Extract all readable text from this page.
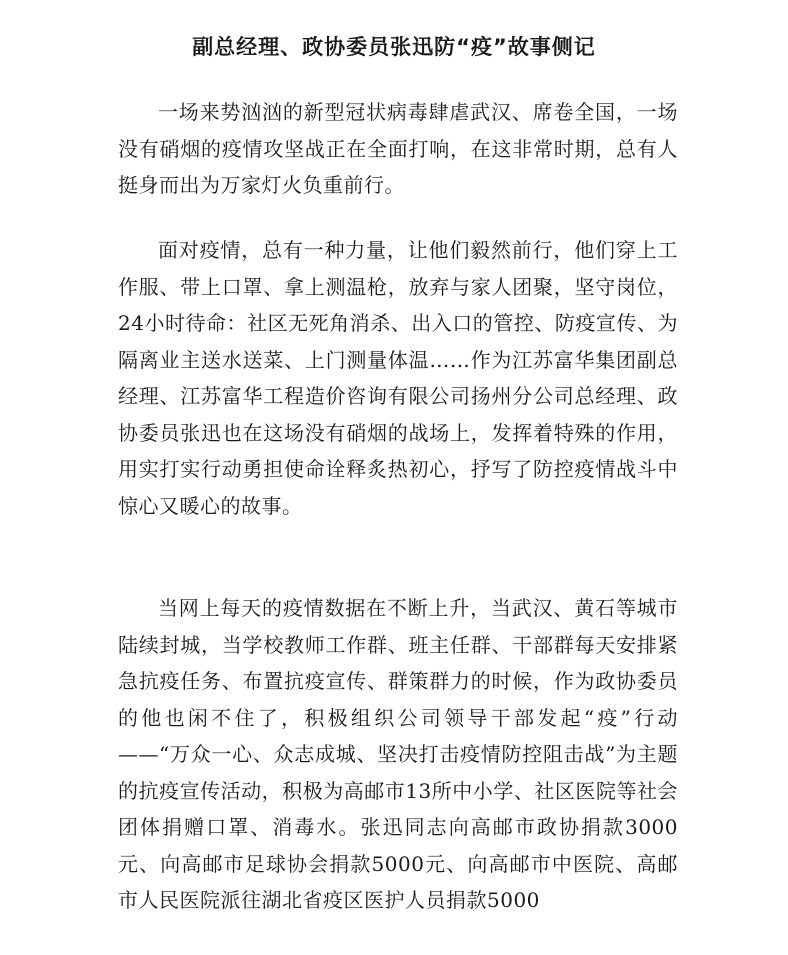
副总经理、政协委员张迅防“疫”故事侧记

一场来势汹汹的新型冠状病毒肆虐武汉、席卷全国，一场没有硝烟的疫情攻坚战正在全面打响，在这非常时期，总有人挺身而出为万家灯火负重前行。

面对疫情，总有一种力量，让他们毅然前行，他们穿上工作服、带上口罩、拿上测温枪，放弃与家人团聚，坚守岗位，24小时待命：社区无死角消杀、出入口的管控、防疫宣传、为隔离业主送水送菜、上门测量体温……作为江苏富华集团副总经理、江苏富华工程造价咨询有限公司扬州分公司总经理、政协委员张迅也在这场没有硝烟的战场上，发挥着特殊的作用，用实打实行动勇担使命诠释炙热初心，抒写了防控疫情战斗中惊心又暖心的故事。

当网上每天的疫情数据在不断上升，当武汉、黄石等城市陆续封城，当学校教师工作群、班主任群、干部群每天安排紧急抗疫任务、布置抗疫宣传、群策群力的时候，作为政协委员的他也闲不住了，积极组织公司领导干部发起“疫”行动——“万众一心、众志成城、坚决打击疫情防控阻击战”为主题的抗疫宣传活动，积极为高邮市13所中小学、社区医院等社会团体捐赠口罩、消毒水。张迅同志向高邮市政协捐款3000元、向高邮市足球协会捐款5000元、向高邮市中医院、高邮市人民医院派往湖北省疫区医护人员捐款5000
